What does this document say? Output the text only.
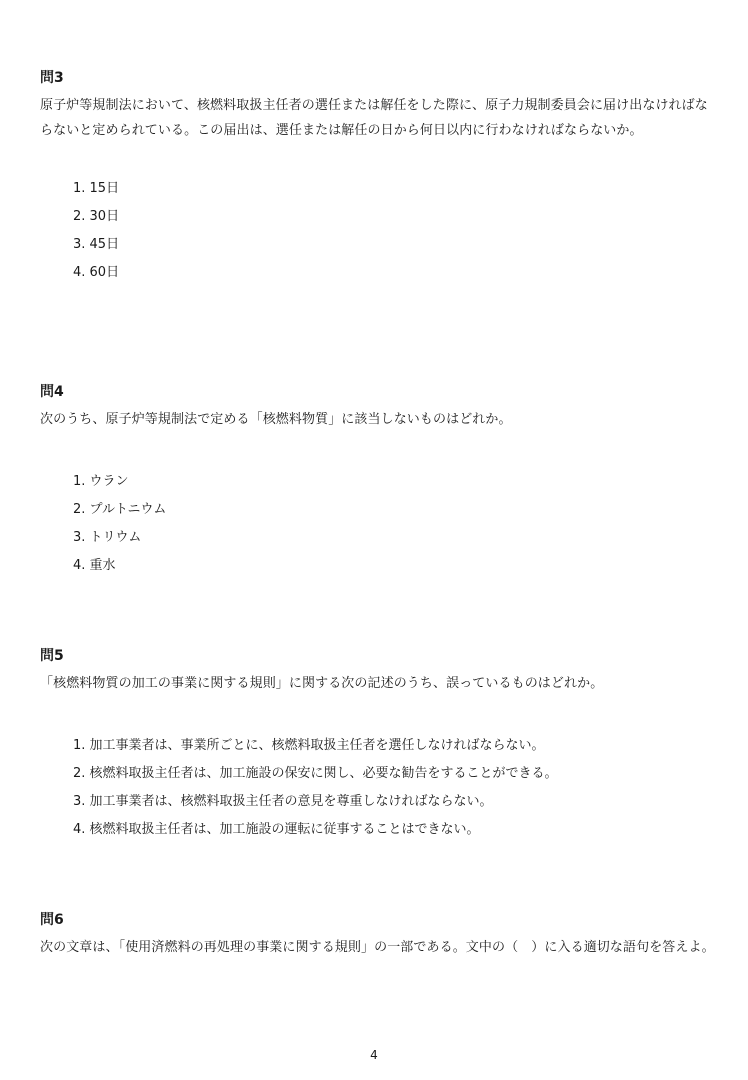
問3

原子炉等規制法において、核燃料取扱主任者の選任または解任をした際に、原子力規制委員会に届け出なければならないと定められている。この届出は、選任または解任の日から何日以内に行わなければならないか。

1. 15日
2. 30日
3. 45日
4. 60日
問4

次のうち、原子炉等規制法で定める「核燃料物質」に該当しないものはどれか。

1. ウラン
2. プルトニウム
3. トリウム
4. 重水
問5

「核燃料物質の加工の事業に関する規則」に関する次の記述のうち、誤っているものはどれか。

1. 加工事業者は、事業所ごとに、核燃料取扱主任者を選任しなければならない。
2. 核燃料取扱主任者は、加工施設の保安に関し、必要な勧告をすることができる。
3. 加工事業者は、核燃料取扱主任者の意見を尊重しなければならない。
4. 核燃料取扱主任者は、加工施設の運転に従事することはできない。
問6

次の文章は、「使用済燃料の再処理の事業に関する規則」の一部である。文中の（　）に入る適切な語句を答えよ。

4
